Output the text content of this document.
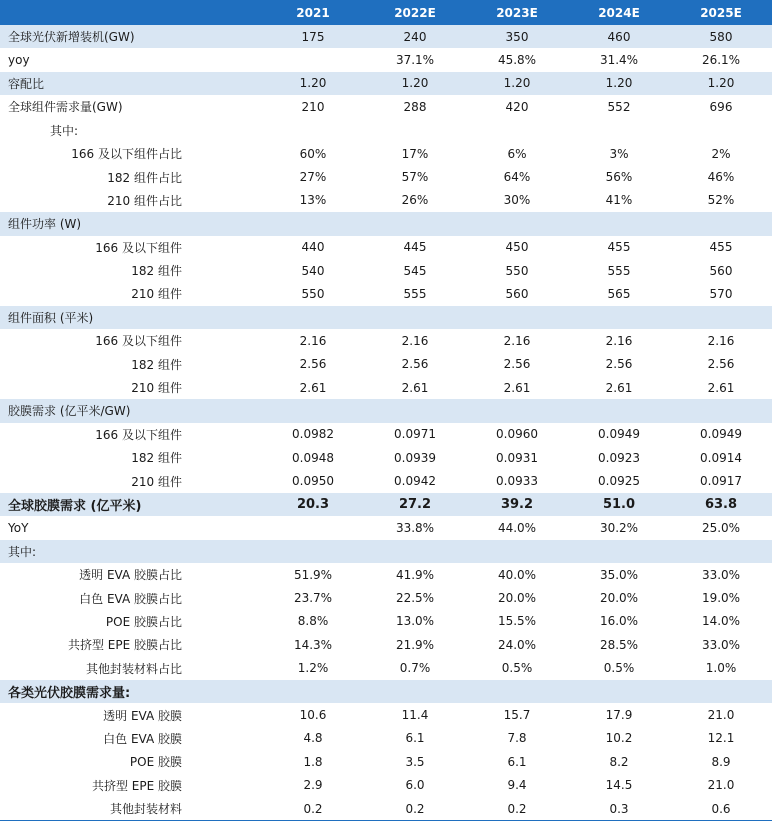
	2021	2022E	2023E	2024E	2025E
全球光伏新增装机(GW)	175	240	350	460	580
yoy		37.1%	45.8%	31.4%	26.1%
容配比	1.20	1.20	1.20	1.20	1.20
全球组件需求量(GW)	210	288	420	552	696
其中:					
166 及以下组件占比	60%	17%	6%	3%	2%
182 组件占比	27%	57%	64%	56%	46%
210 组件占比	13%	26%	30%	41%	52%
组件功率 (W)					
166 及以下组件	440	445	450	455	455
182 组件	540	545	550	555	560
210 组件	550	555	560	565	570
组件面积 (平米)					
166 及以下组件	2.16	2.16	2.16	2.16	2.16
182 组件	2.56	2.56	2.56	2.56	2.56
210 组件	2.61	2.61	2.61	2.61	2.61
胶膜需求 (亿平米/GW)					
166 及以下组件	0.0982	0.0971	0.0960	0.0949	0.0949
182 组件	0.0948	0.0939	0.0931	0.0923	0.0914
210 组件	0.0950	0.0942	0.0933	0.0925	0.0917
全球胶膜需求 (亿平米)	20.3	27.2	39.2	51.0	63.8
YoY		33.8%	44.0%	30.2%	25.0%
其中:					
透明 EVA 胶膜占比	51.9%	41.9%	40.0%	35.0%	33.0%
白色 EVA 胶膜占比	23.7%	22.5%	20.0%	20.0%	19.0%
POE 胶膜占比	8.8%	13.0%	15.5%	16.0%	14.0%
共挤型 EPE 胶膜占比	14.3%	21.9%	24.0%	28.5%	33.0%
其他封装材料占比	1.2%	0.7%	0.5%	0.5%	1.0%
各类光伏胶膜需求量:					
透明 EVA 胶膜	10.6	11.4	15.7	17.9	21.0
白色 EVA 胶膜	4.8	6.1	7.8	10.2	12.1
POE 胶膜	1.8	3.5	6.1	8.2	8.9
共挤型 EPE 胶膜	2.9	6.0	9.4	14.5	21.0
其他封装材料	0.2	0.2	0.2	0.3	0.6
